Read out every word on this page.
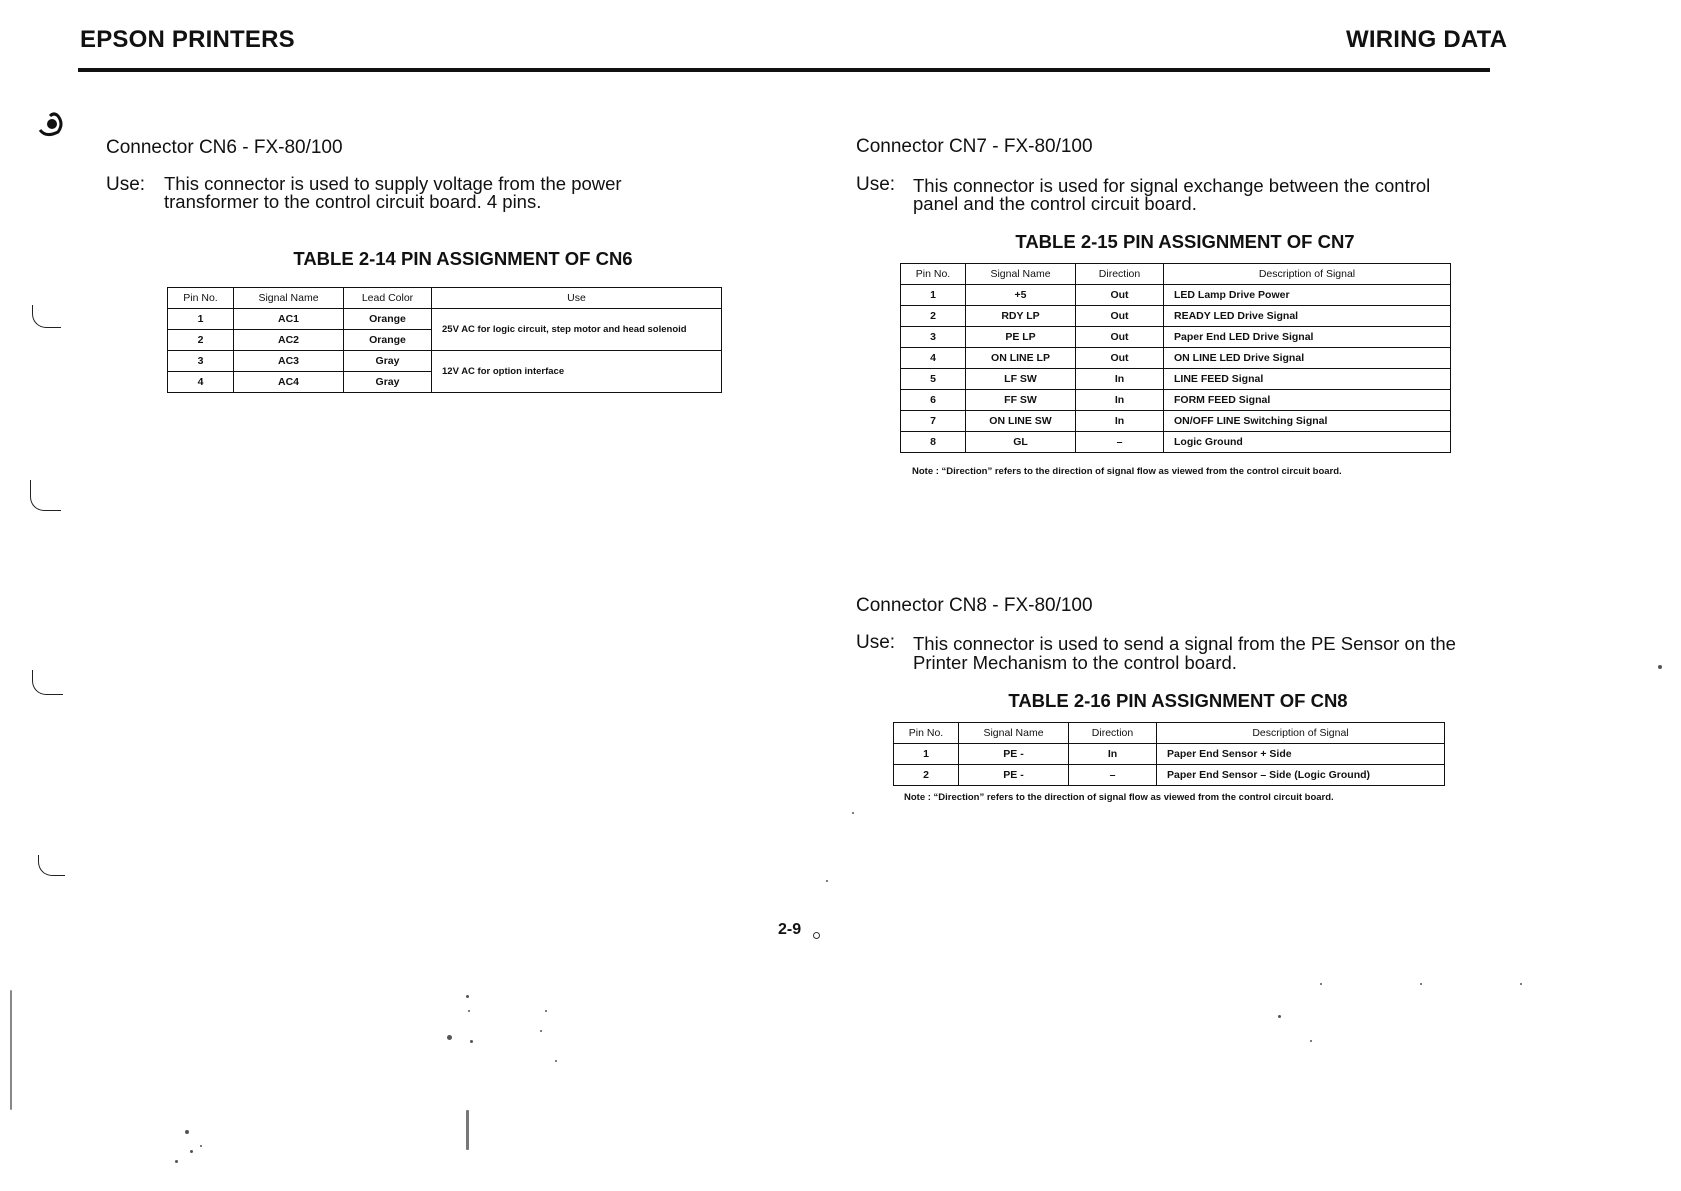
EPSON PRINTERS	WIRING DATA
Connector CN6 - FX-80/100
Use: This connector is used to supply voltage from the power
transformer to the control circuit board. 4 pins.
TABLE 2-14 PIN ASSIGNMENT OF CN6
Pin No.	Signal Name	Lead Color	Use
1	AC1	Orange	25V AC for logic circuit, step motor and head solenoid
2	AC2	Orange	
3	AC3	Gray	12V AC for option interface
4	AC4	Gray	
Connector CN7 - FX-80/100
Use: This connector is used for signal exchange between the control
panel and the control circuit board.
TABLE 2-15 PIN ASSIGNMENT OF CN7
Pin No.	Signal Name	Direction	Description of Signal
1	+5	Out	LED Lamp Drive Power
2	RDY LP	Out	READY LED Drive Signal
3	PE LP	Out	Paper End LED Drive Signal
4	ON LINE LP	Out	ON LINE LED Drive Signal
5	LF SW	In	LINE FEED Signal
6	FF SW	In	FORM FEED Signal
7	ON LINE SW	In	ON/OFF LINE Switching Signal
8	GL	–	Logic Ground
Note : “Direction” refers to the direction of signal flow as viewed from the control circuit board.
Connector CN8 - FX-80/100
Use: This connector is used to send a signal from the PE Sensor on the
Printer Mechanism to the control board.
TABLE 2-16 PIN ASSIGNMENT OF CN8
Pin No.	Signal Name	Direction	Description of Signal
1	PE -	In	Paper End Sensor + Side
2	PE -	–	Paper End Sensor – Side (Logic Ground)
Note : “Direction” refers to the direction of signal flow as viewed from the control circuit board.
2-9
